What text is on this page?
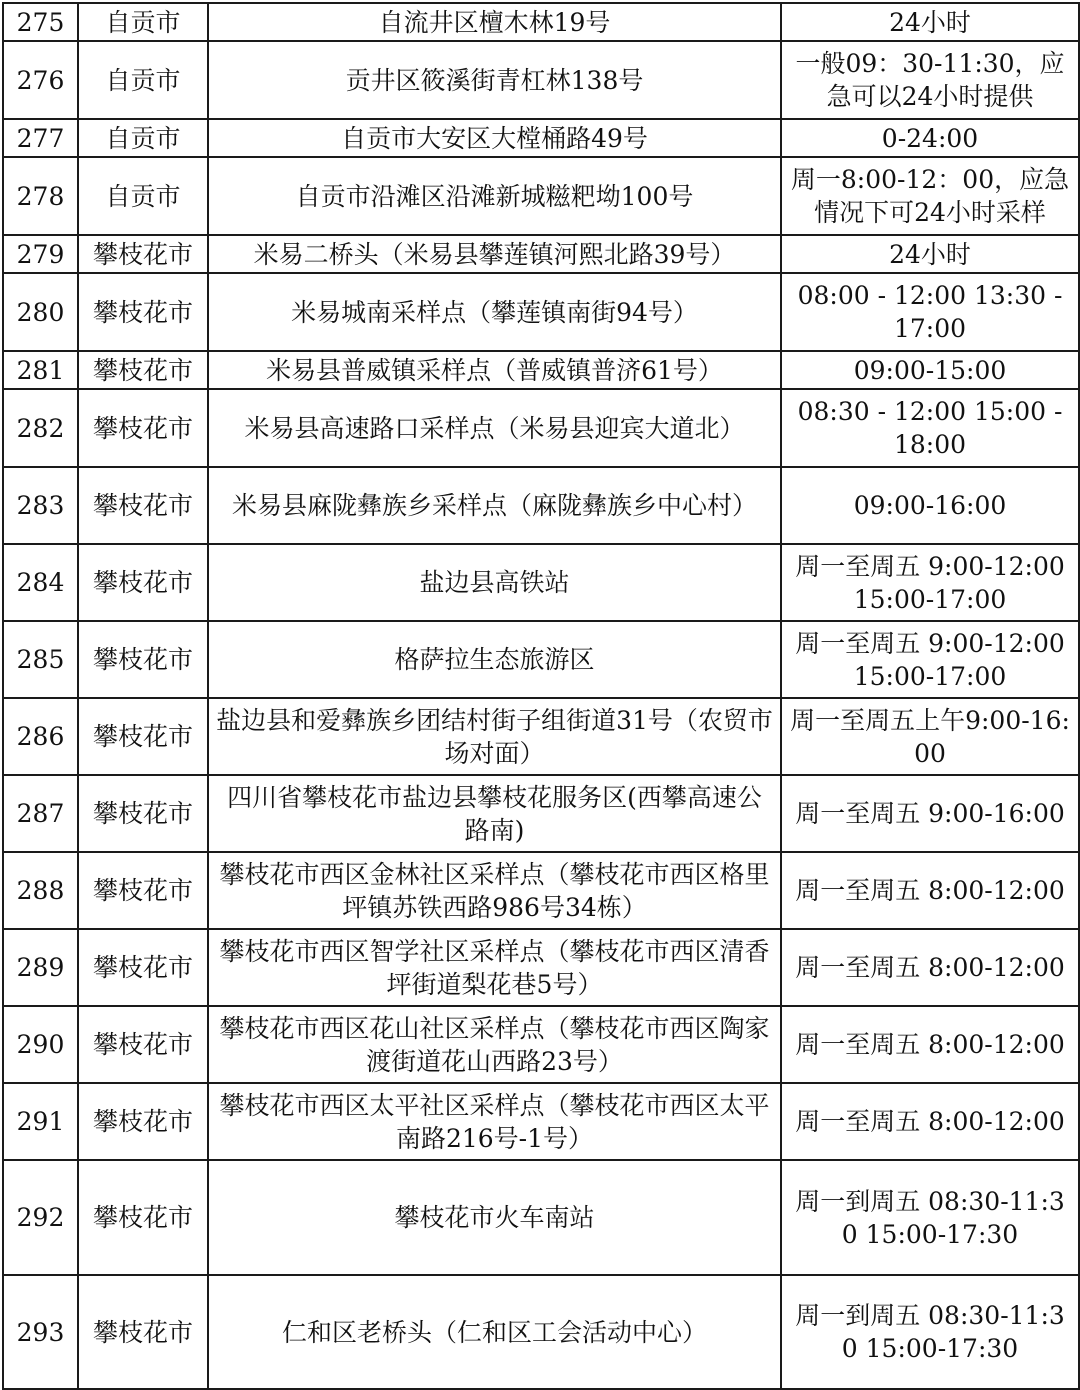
275	自贡市	自流井区檀木林19号	24小时
276	自贡市	贡井区筱溪街青杠林138号	一般09：30-11:30，应急可以24小时提供
277	自贡市	自贡市大安区大樘桶路49号	0-24:00
278	自贡市	自贡市沿滩区沿滩新城糍粑坳100号	周一8:00-12：00，应急情况下可24小时采样
279	攀枝花市	米易二桥头（米易县攀莲镇河熙北路39号）	24小时
280	攀枝花市	米易城南采样点（攀莲镇南街94号）	08:00 - 12:00 13:30 - 17:00
281	攀枝花市	米易县普威镇采样点（普威镇普济61号）	09:00-15:00
282	攀枝花市	米易县高速路口采样点（米易县迎宾大道北）	08:30 - 12:00 15:00 - 18:00
283	攀枝花市	米易县麻陇彝族乡采样点（麻陇彝族乡中心村）	09:00-16:00
284	攀枝花市	盐边县高铁站	周一至周五 9:00-12:00 15:00-17:00
285	攀枝花市	格萨拉生态旅游区	周一至周五 9:00-12:00 15:00-17:00
286	攀枝花市	盐边县和爱彝族乡团结村街子组街道31号（农贸市场对面）	周一至周五上午9:00-16:00
287	攀枝花市	四川省攀枝花市盐边县攀枝花服务区(西攀高速公路南)	周一至周五 9:00-16:00
288	攀枝花市	攀枝花市西区金林社区采样点（攀枝花市西区格里坪镇苏铁西路986号34栋）	周一至周五 8:00-12:00
289	攀枝花市	攀枝花市西区智学社区采样点（攀枝花市西区清香坪街道梨花巷5号）	周一至周五 8:00-12:00
290	攀枝花市	攀枝花市西区花山社区采样点（攀枝花市西区陶家渡街道花山西路23号）	周一至周五 8:00-12:00
291	攀枝花市	攀枝花市西区太平社区采样点（攀枝花市西区太平南路216号-1号）	周一至周五 8:00-12:00
292	攀枝花市	攀枝花市火车南站	周一到周五 08:30-11:30 15:00-17:30
293	攀枝花市	仁和区老桥头（仁和区工会活动中心）	周一到周五 08:30-11:30 15:00-17:30
